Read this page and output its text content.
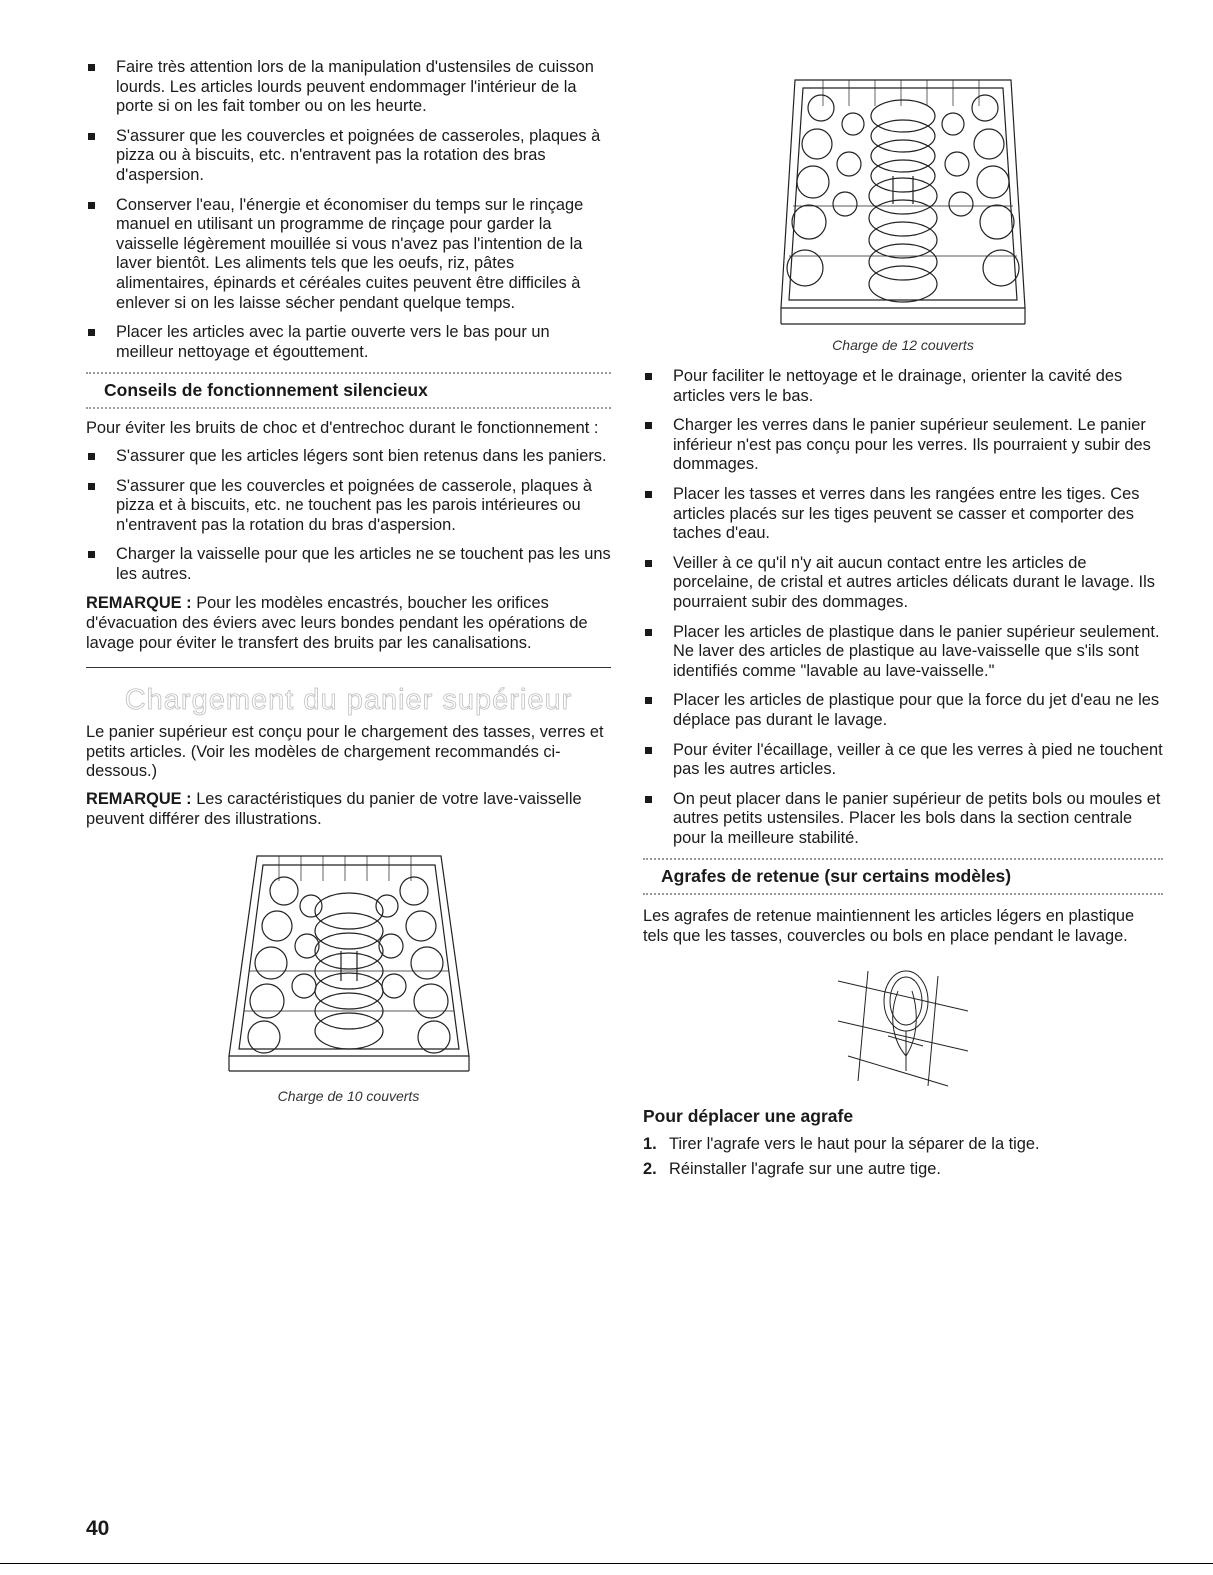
Faire très attention lors de la manipulation d'ustensiles de cuisson lourds. Les articles lourds peuvent endommager l'intérieur de la porte si on les fait tomber ou on les heurte.
S'assurer que les couvercles et poignées de casseroles, plaques à pizza ou à biscuits, etc. n'entravent pas la rotation des bras d'aspersion.
Conserver l'eau, l'énergie et économiser du temps sur le rinçage manuel en utilisant un programme de rinçage pour garder la vaisselle légèrement mouillée si vous n'avez pas l'intention de la laver bientôt. Les aliments tels que les oeufs, riz, pâtes alimentaires, épinards et céréales cuites peuvent être difficiles à enlever si on les laisse sécher pendant quelque temps.
Placer les articles avec la partie ouverte vers le bas pour un meilleur nettoyage et égouttement.
Conseils de fonctionnement silencieux

Pour éviter les bruits de choc et d'entrechoc durant le fonctionnement :

S'assurer que les articles légers sont bien retenus dans les paniers.
S'assurer que les couvercles et poignées de casserole, plaques à pizza et à biscuits, etc. ne touchent pas les parois intérieures ou n'entravent pas la rotation du bras d'aspersion.
Charger la vaisselle pour que les articles ne se touchent pas les uns les autres.

REMARQUE : Pour les modèles encastrés, boucher les orifices d'évacuation des éviers avec leurs bondes pendant les opérations de lavage pour éviter le transfert des bruits par les canalisations.

Chargement du panier supérieur

Le panier supérieur est conçu pour le chargement des tasses, verres et petits articles. (Voir les modèles de chargement recommandés ci-dessous.)

REMARQUE : Les caractéristiques du panier de votre lave-vaisselle peuvent différer des illustrations.

Charge de 10 couverts
Charge de 12 couverts
Pour faciliter le nettoyage et le drainage, orienter la cavité des articles vers le bas.
Charger les verres dans le panier supérieur seulement. Le panier inférieur n'est pas conçu pour les verres. Ils pourraient y subir des dommages.
Placer les tasses et verres dans les rangées entre les tiges. Ces articles placés sur les tiges peuvent se casser et comporter des taches d'eau.
Veiller à ce qu'il n'y ait aucun contact entre les articles de porcelaine, de cristal et autres articles délicats durant le lavage. Ils pourraient subir des dommages.
Placer les articles de plastique dans le panier supérieur seulement. Ne laver des articles de plastique au lave-vaisselle que s'ils sont identifiés comme "lavable au lave-vaisselle."
Placer les articles de plastique pour que la force du jet d'eau ne les déplace pas durant le lavage.
Pour éviter l'écaillage, veiller à ce que les verres à pied ne touchent pas les autres articles.
On peut placer dans le panier supérieur de petits bols ou moules et autres petits ustensiles. Placer les bols dans la section centrale pour la meilleure stabilité.
Agrafes de retenue (sur certains modèles)

Les agrafes de retenue maintiennent les articles légers en plastique tels que les tasses, couvercles ou bols en place pendant le lavage.

Pour déplacer une agrafe
1. Tirer l'agrafe vers le haut pour la séparer de la tige.
2. Réinstaller l'agrafe sur une autre tige.
40
